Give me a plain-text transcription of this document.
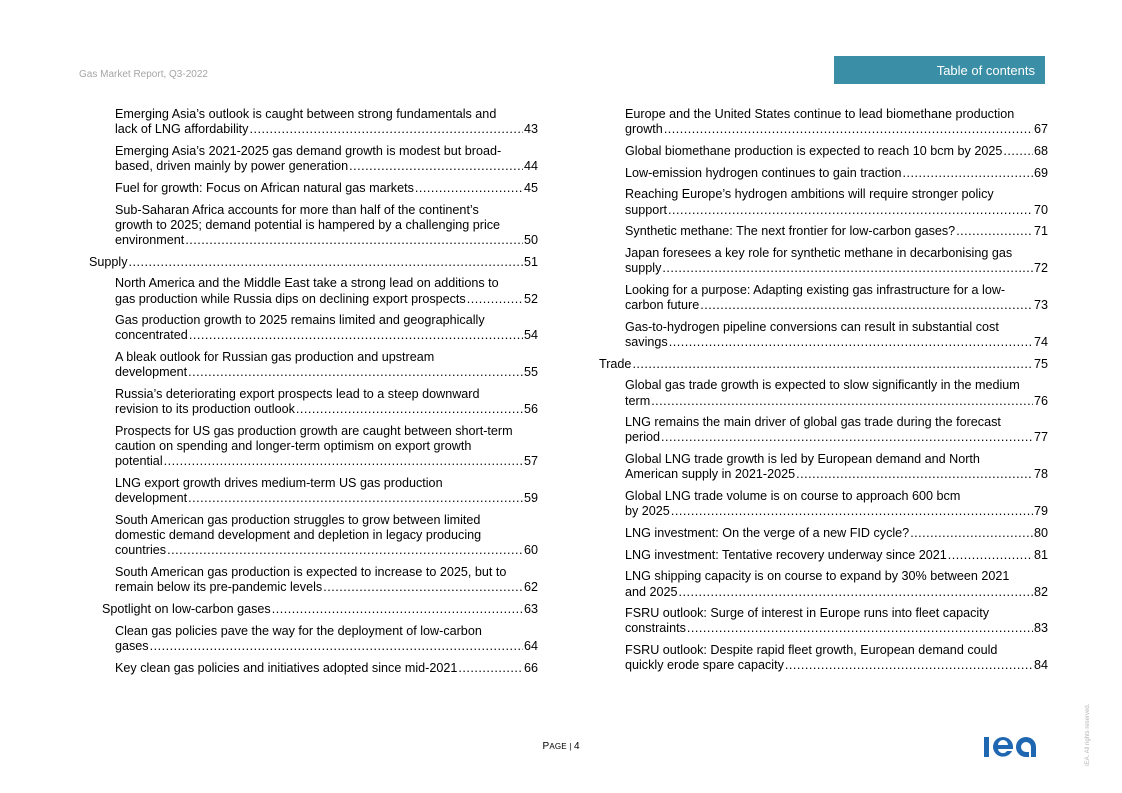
Gas Market Report, Q3-2022	Table of contents
Emerging Asia’s outlook is caught between strong fundamentals and
lack of LNG affordability .....	43
Emerging Asia’s 2021-2025 gas demand growth is modest but broad-
based, driven mainly by power generation .....	44
Fuel for growth: Focus on African natural gas markets .....	45
Sub-Saharan Africa accounts for more than half of the continent’s
growth to 2025; demand potential is hampered by a challenging price
environment .....	50
Supply .....	51
North America and the Middle East take a strong lead on additions to
gas production while Russia dips on declining export prospects .....	52
Gas production growth to 2025 remains limited and geographically
concentrated .....	54
A bleak outlook for Russian gas production and upstream
development .....	55
Russia’s deteriorating export prospects lead to a steep downward
revision to its production outlook .....	56
Prospects for US gas production growth are caught between short-term
caution on spending and longer-term optimism on export growth
potential .....	57
LNG export growth drives medium-term US gas production
development .....	59
South American gas production struggles to grow between limited
domestic demand development and depletion in legacy producing
countries .....	60
South American gas production is expected to increase to 2025, but to
remain below its pre-pandemic levels .....	62
Spotlight on low-carbon gases .....	63
Clean gas policies pave the way for the deployment of low-carbon
gases .....	64
Key clean gas policies and initiatives adopted since mid-2021 .....	66
Europe and the United States continue to lead biomethane production
growth .....	67
Global biomethane production is expected to reach 10 bcm by 2025 .....	68
Low-emission hydrogen continues to gain traction .....	69
Reaching Europe’s hydrogen ambitions will require stronger policy
support .....	70
Synthetic methane: The next frontier for low-carbon gases? .....	71
Japan foresees a key role for synthetic methane in decarbonising gas
supply .....	72
Looking for a purpose: Adapting existing gas infrastructure for a low-
carbon future .....	73
Gas-to-hydrogen pipeline conversions can result in substantial cost
savings .....	74
Trade .....	75
Global gas trade growth is expected to slow significantly in the medium
term .....	76
LNG remains the main driver of global gas trade during the forecast
period .....	77
Global LNG trade growth is led by European demand and North
American supply in 2021-2025 .....	78
Global LNG trade volume is on course to approach 600 bcm
by 2025 .....	79
LNG investment: On the verge of a new FID cycle? .....	80
LNG investment: Tentative recovery underway since 2021 .....	81
LNG shipping capacity is on course to expand by 30% between 2021
and 2025 .....	82
FSRU outlook: Surge of interest in Europe runs into fleet capacity
constraints .....	83
FSRU outlook: Despite rapid fleet growth, European demand could
quickly erode spare capacity .....	84
PAGE | 4	IEA. All rights reserved.
